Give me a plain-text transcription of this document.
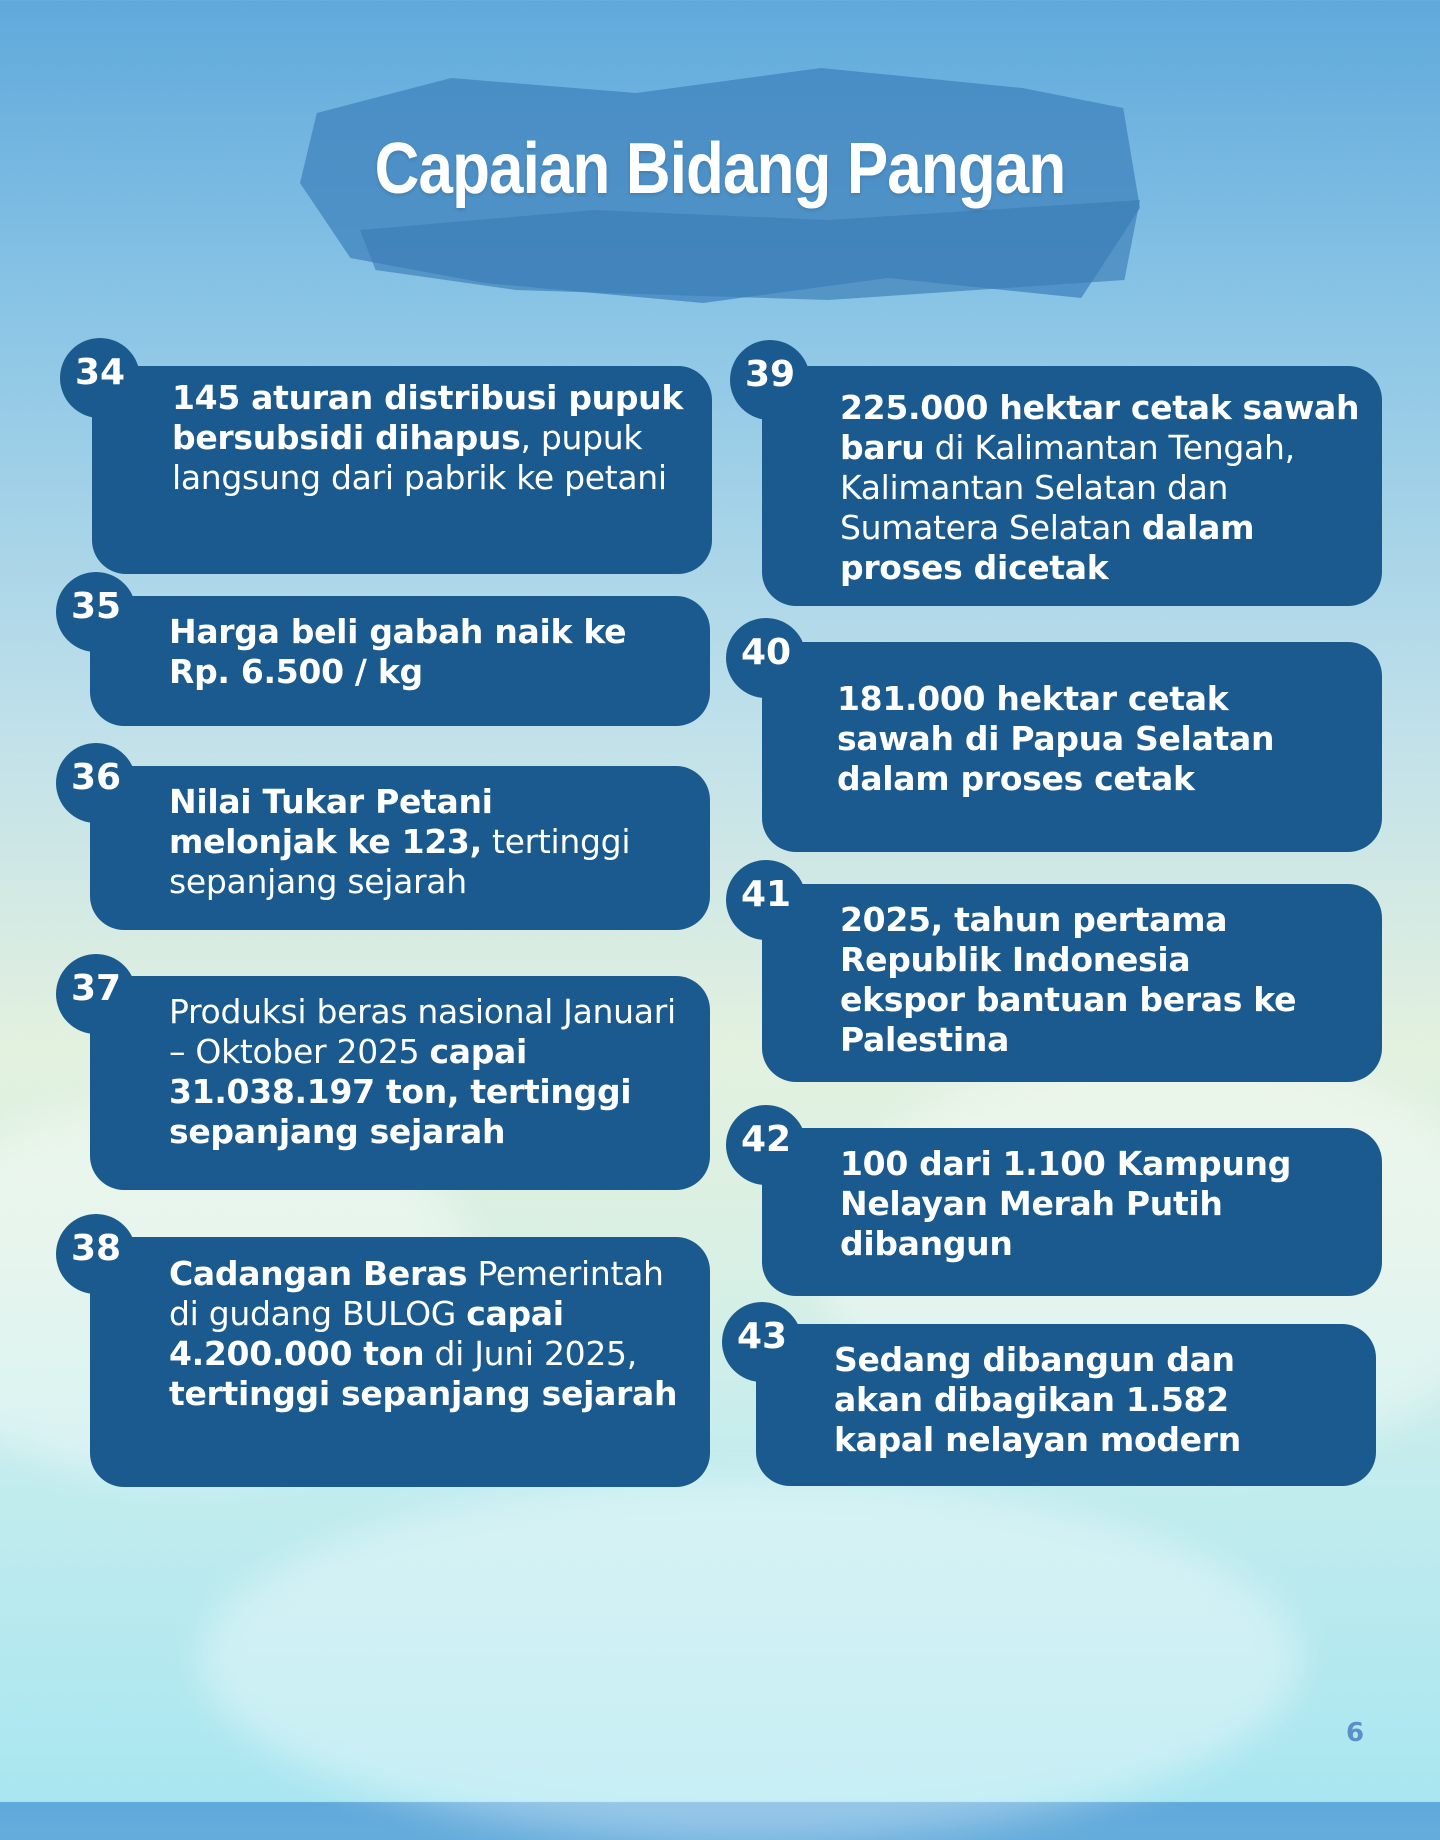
Capaian Bidang Pangan
34
145 aturan distribusi pupuk bersubsidi dihapus, pupuk langsung dari pabrik ke petani
35
Harga beli gabah naik ke Rp. 6.500 / kg
36
Nilai Tukar Petani melonjak ke 123, tertinggi sepanjang sejarah
37
Produksi beras nasional Januari – Oktober 2025 capai 31.038.197 ton, tertinggi sepanjang sejarah
38
Cadangan Beras Pemerintah di gudang BULOG capai 4.200.000 ton di Juni 2025, tertinggi sepanjang sejarah
39
225.000 hektar cetak sawah baru di Kalimantan Tengah, Kalimantan Selatan dan Sumatera Selatan dalam proses dicetak
40
181.000 hektar cetak sawah di Papua Selatan dalam proses cetak
41
2025, tahun pertama Republik Indonesia ekspor bantuan beras ke Palestina
42
100 dari 1.100 Kampung Nelayan Merah Putih dibangun
43
Sedang dibangun dan akan dibagikan 1.582 kapal nelayan modern
6
